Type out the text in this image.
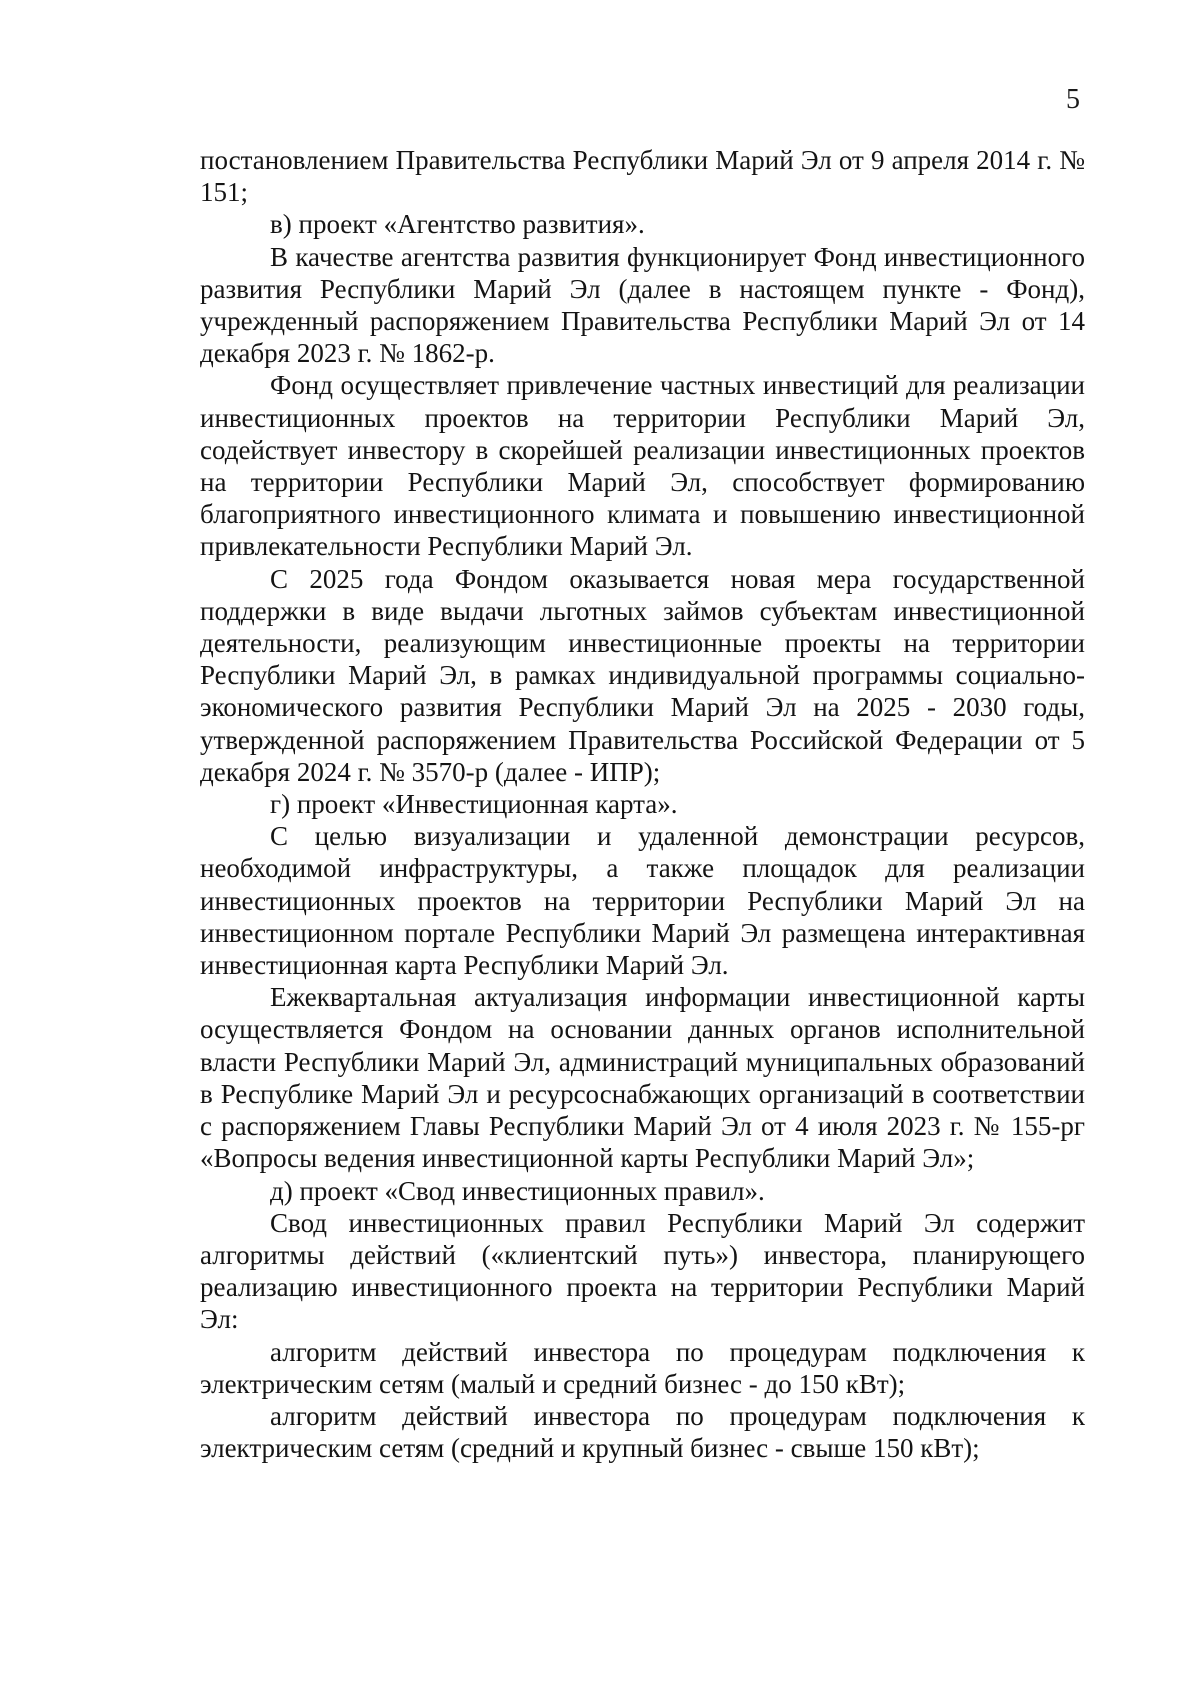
5

постановлением Правительства Республики Марий Эл от 9 апреля 2014 г. № 151;

в) проект «Агентство развития».

В качестве агентства развития функционирует Фонд инвестиционного развития Республики Марий Эл (далее в настоящем пункте - Фонд), учрежденный распоряжением Правительства Республики Марий Эл от 14 декабря 2023 г. № 1862-р.

Фонд осуществляет привлечение частных инвестиций для реализации инвестиционных проектов на территории Республики Марий Эл, содействует инвестору в скорейшей реализации инвестиционных проектов на территории Республики Марий Эл, способствует формированию благоприятного инвестиционного климата и повышению инвестиционной привлекательности Республики Марий Эл.

С 2025 года Фондом оказывается новая мера государственной поддержки в виде выдачи льготных займов субъектам инвестиционной деятельности, реализующим инвестиционные проекты на территории Республики Марий Эл, в рамках индивидуальной программы социально-экономического развития Республики Марий Эл на 2025 - 2030 годы, утвержденной распоряжением Правительства Российской Федерации от 5 декабря 2024 г. № 3570-р (далее - ИПР);

г) проект «Инвестиционная карта».

С целью визуализации и удаленной демонстрации ресурсов, необходимой инфраструктуры, а также площадок для реализации инвестиционных проектов на территории Республики Марий Эл на инвестиционном портале Республики Марий Эл размещена интерактивная инвестиционная карта Республики Марий Эл.

Ежеквартальная актуализация информации инвестиционной карты осуществляется Фондом на основании данных органов исполнительной власти Республики Марий Эл, администраций муниципальных образований в Республике Марий Эл и ресурсоснабжающих организаций в соответствии с распоряжением Главы Республики Марий Эл от 4 июля 2023 г. № 155-рг «Вопросы ведения инвестиционной карты Республики Марий Эл»;

д) проект «Свод инвестиционных правил».

Свод инвестиционных правил Республики Марий Эл содержит алгоритмы действий («клиентский путь») инвестора, планирующего реализацию инвестиционного проекта на территории Республики Марий Эл:

алгоритм действий инвестора по процедурам подключения к электрическим сетям (малый и средний бизнес - до 150 кВт);

алгоритм действий инвестора по процедурам подключения к электрическим сетям (средний и крупный бизнес - свыше 150 кВт);
